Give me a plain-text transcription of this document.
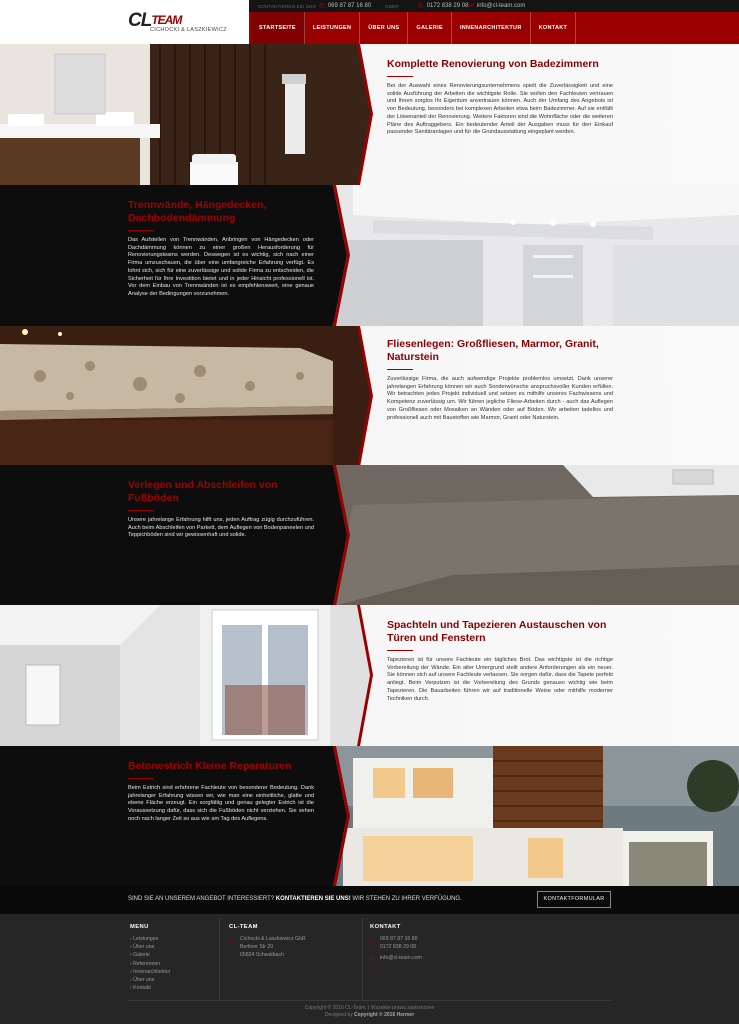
KONTAKTIEREN SIE UNS ✆ 069 87 87 16 80	ODER	✆ 0172 838 29 08 ✉ info@cl-team.com
$CL^{TEAM}$
CICHOCKI & LASZKIEWICZ	STARTSEITE	LEISTUNGEN	ÜBER UNS	GALERIE	INNENARCHITEKTUR	KONTAKT
Komplette Renovierung von Badezimmern

Bei der Auswahl eines Renovierungsunternehmens spielt die Zuverlässigkeit und eine solide Ausführung der Arbeiten die wichtigste Rolle. Sie wollen den Fachleuten vertrauen und Ihnen sorglos Ihr Eigentum anvertrauen können. Auch der Umfang des Angebots ist von Bedeutung, besonders bei komplexen Arbeiten etwa beim Badezimmer. Auf sie entfällt der Löwenanteil der Renovierung. Weitere Faktoren sind die Wohnfläche oder die weiteren Pläne des Auftraggebers. Ein bedeutender Anteil der Ausgaben muss für den Einkauf passender Sanitäranlagen und für die Grundausstattung eingeplant werden.

Trennwände, Hängedecken, Dachbodendämmung

Das Aufstellen von Trennwänden, Anbringen von Hängedecken oder Dachdämmung können zu einer großen Herausforderung für Renovierungsteams werden. Deswegen ist es wichtig, sich nach einer Firma umzuschauen, die über eine umfangreiche Erfahrung verfügt. Es lohnt sich, sich für eine zuverlässige und solide Firma zu entscheiden, die Sicherheit für Ihre Investition bietet und in jeder Hinsicht professionell ist. Vor dem Einbau von Trennwänden ist es empfehlenswert, eine genaue Analyse der Bedingungen vorzunehmen.

Fliesenlegen: Großfliesen, Marmor, Granit, Naturstein

Zuverlässige Firma, die auch aufwendige Projekte problemlos umsetzt. Dank unserer jahrelangen Erfahrung können wir auch Sonderwünsche anspruchsvoller Kunden erfüllen. Wir betrachten jedes Projekt individuell und setzen es mithilfe unseres Fachwissens und Kompetenz zuverlässig um. Wir führen jegliche Fliese-Arbeiten durch - auch das Auflegen von Großfliesen oder Mosaiken an Wänden oder auf Böden. Wir arbeiten tadellos und professionell auch mit Baustoffen wie Marmor, Granit oder Naturstein.

Verlegen und Abschleifen von Fußböden

Unsere jahrelange Erfahrung hilft uns, jeden Auftrag zügig durchzuführen. Auch beim Abschleifen von Parkett, dem Auflegen von Bodenpaneelen und Teppichböden sind wir gewissenhaft und solide.

Spachteln und Tapezieren Austauschen von Türen und Fenstern

Tapezieren ist für unsere Fachleute ein tägliches Brot. Das wichtigste ist die richtige Vorbereitung der Wände. Ein alter Untergrund stellt andere Anforderungen als ein neuer. Sie können sich auf unsere Fachleute verlassen. Sie sorgen dafür, dass die Tapete perfekt anliegt. Beim Verputzen ist die Vorbereitung des Grunds genauso wichtig wie beim Tapezieren. Die Bauarbeiten führen wir auf traditionelle Weise oder mithilfe moderner Techniken durch.

Betonestrich Kleine Reparaturen

Beim Estrich sind erfahrene Fachleute von besonderer Bedeutung. Dank jahrelanger Erfahrung wissen wir, wie man eine einheitliche, glatte und ebene Fläche erzeugt. Ein sorgfältig und genau gelegter Estrich ist die Voraussetzung dafür, dass sich die Fußböden nicht verziehen. Sie sehen noch nach langer Zeit so aus wie am Tag des Auflegens.

SIND SIE AN UNSEREM ANGEBOT INTERESSIERT? KONTAKTIEREN SIE UNS! WIR STEHEN ZU IHRER VERFÜGUNG.	KONTAKTFORMULAR
MENU
› Leistungen
› Über uns
› Galerie
› Referenzen
› Innenarchitektur
› Über uns
› Kontakt
CL-TEAM
⌖
Cichocki & Laszkiewicz GbR
Berliner Str 20
65824 Schwalbach
KONTAKT
✆
✉
069 87 87 16 80
0172 838 29 08
info@cl-team.com
Copyright © 2016 CL-Team. | Wszelkie prawa zastrzeżone
Designed by Copyright © 2016 Hermer
